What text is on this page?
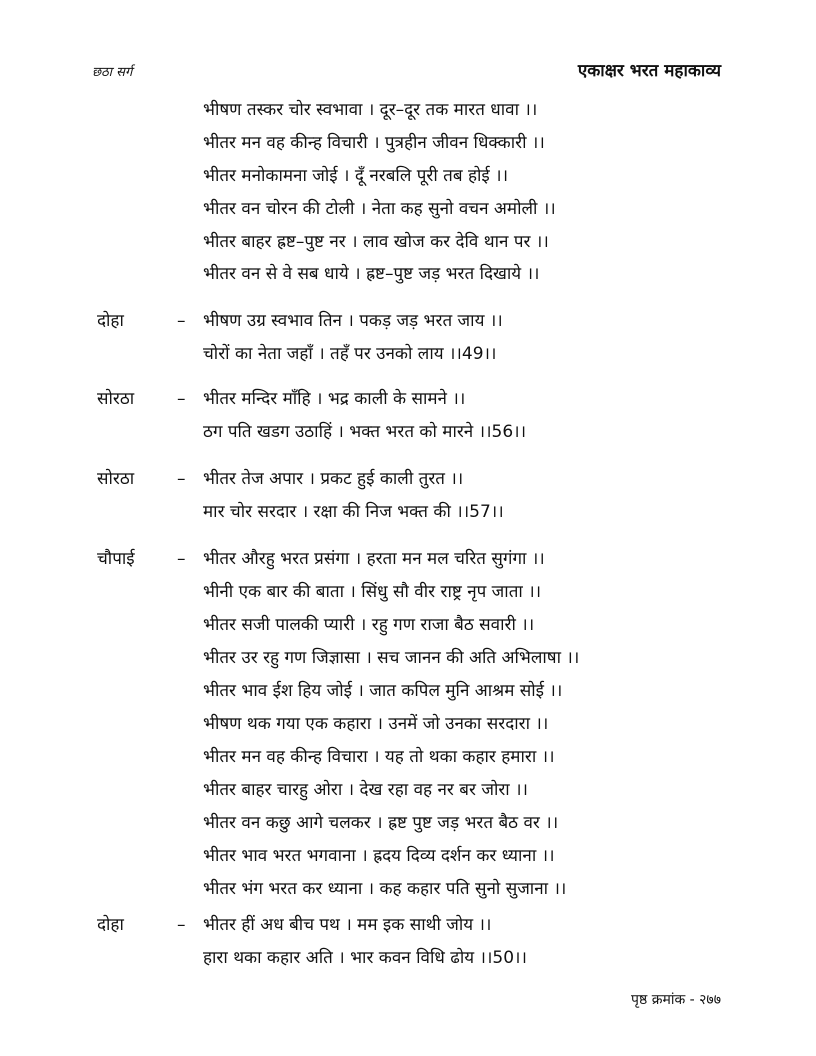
छठा सर्ग	एकाक्षर भरत महाकाव्य
भीषण तस्कर चोर स्वभावा । दूर–दूर तक मारत धावा ।।
भीतर मन वह कीन्ह विचारी । पुत्रहीन जीवन धिक्कारी ।।
भीतर मनोकामना जोई । दूँ नरबलि पूरी तब होई ।।
भीतर वन चोरन की टोली । नेता कह सुनो वचन अमोली ।।
भीतर बाहर ह्रष्ट–पुष्ट नर । लाव खोज कर देवि थान पर ।।
भीतर वन से वे सब धाये । ह्रष्ट–पुष्ट जड़ भरत दिखाये ।।
दोहा	– भीषण उग्र स्वभाव तिन । पकड़ जड़ भरत जाय ।।
चोरों का नेता जहाँ । तहँ पर उनको लाय ।।49।।
सोरठा	– भीतर मन्दिर माँहि । भद्र काली के सामने ।।
ठग पति खडग उठाहिं । भक्त भरत को मारने ।।56।।
सोरठा	– भीतर तेज अपार । प्रकट हुई काली तुरत ।।
मार चोर सरदार । रक्षा की निज भक्त की ।।57।।
चौपाई – भीतर औरहु भरत प्रसंगा । हरता मन मल चरित सुगंगा ।।
भीनी एक बार की बाता । सिंधु सौ वीर राष्ट्र नृप जाता ।।
भीतर सजी पालकी प्यारी । रहु गण राजा बैठ सवारी ।।
भीतर उर रहु गण जिज्ञासा । सच जानन की अति अभिलाषा ।।
भीतर भाव ईश हिय जोई । जात कपिल मुनि आश्रम सोई ।।
भीषण थक गया एक कहारा । उनमें जो उनका सरदारा ।।
भीतर मन वह कीन्ह विचारा । यह तो थका कहार हमारा ।।
भीतर बाहर चारहु ओरा । देख रहा वह नर बर जोरा ।।
भीतर वन कछु आगे चलकर । ह्रष्ट पुष्ट जड़ भरत बैठ वर ।।
भीतर भाव भरत भगवाना । ह्रदय दिव्य दर्शन कर ध्याना ।।
भीतर भंग भरत कर ध्याना । कह कहार पति सुनो सुजाना ।।
दोहा	– भीतर हीं अध बीच पथ । मम इक साथी जोय ।।
हारा थका कहार अति । भार कवन विधि ढोय ।।50।।
पृष्ठ क्रमांक - २७७
